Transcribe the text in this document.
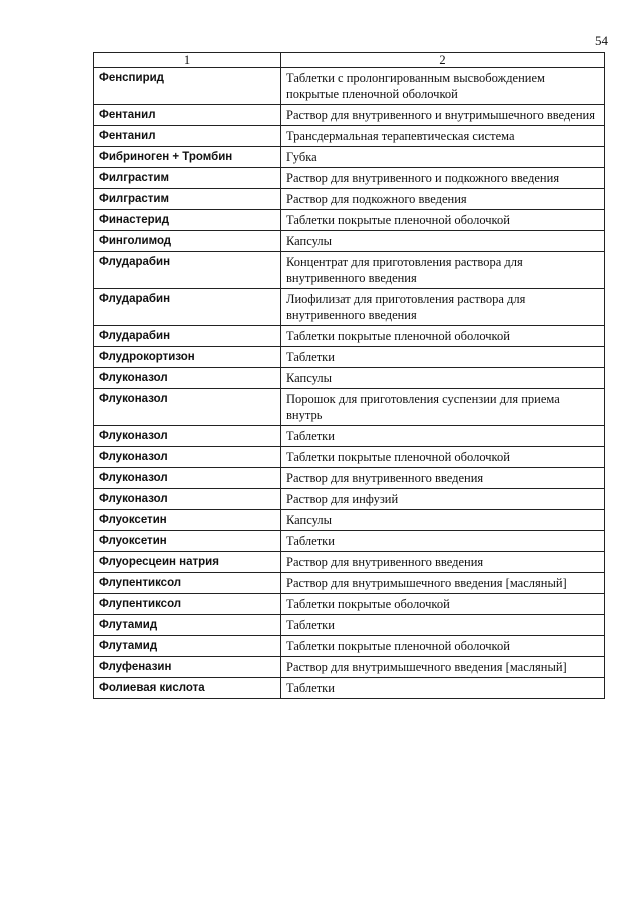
54
1	2
Фенспирид	Таблетки с пролонгированным высвобождением покрытые пленочной оболочкой
Фентанил	Раствор для внутривенного и внутримышечного введения
Фентанил	Трансдермальная терапевтическая система
Фибриноген + Тромбин	Губка
Филграстим	Раствор для внутривенного и подкожного введения
Филграстим	Раствор для подкожного введения
Финастерид	Таблетки покрытые пленочной оболочкой
Финголимод	Капсулы
Флударабин	Концентрат для приготовления раствора для внутривенного введения
Флударабин	Лиофилизат для приготовления раствора для внутривенного введения
Флударабин	Таблетки покрытые пленочной оболочкой
Флудрокортизон	Таблетки
Флуконазол	Капсулы
Флуконазол	Порошок для приготовления суспензии для приема внутрь
Флуконазол	Таблетки
Флуконазол	Таблетки покрытые пленочной оболочкой
Флуконазол	Раствор для внутривенного введения
Флуконазол	Раствор для инфузий
Флуоксетин	Капсулы
Флуоксетин	Таблетки
Флуоресцеин натрия	Раствор для внутривенного введения
Флупентиксол	Раствор для внутримышечного введения [масляный]
Флупентиксол	Таблетки покрытые оболочкой
Флутамид	Таблетки
Флутамид	Таблетки покрытые пленочной оболочкой
Флуфеназин	Раствор для внутримышечного введения [масляный]
Фолиевая кислота	Таблетки
